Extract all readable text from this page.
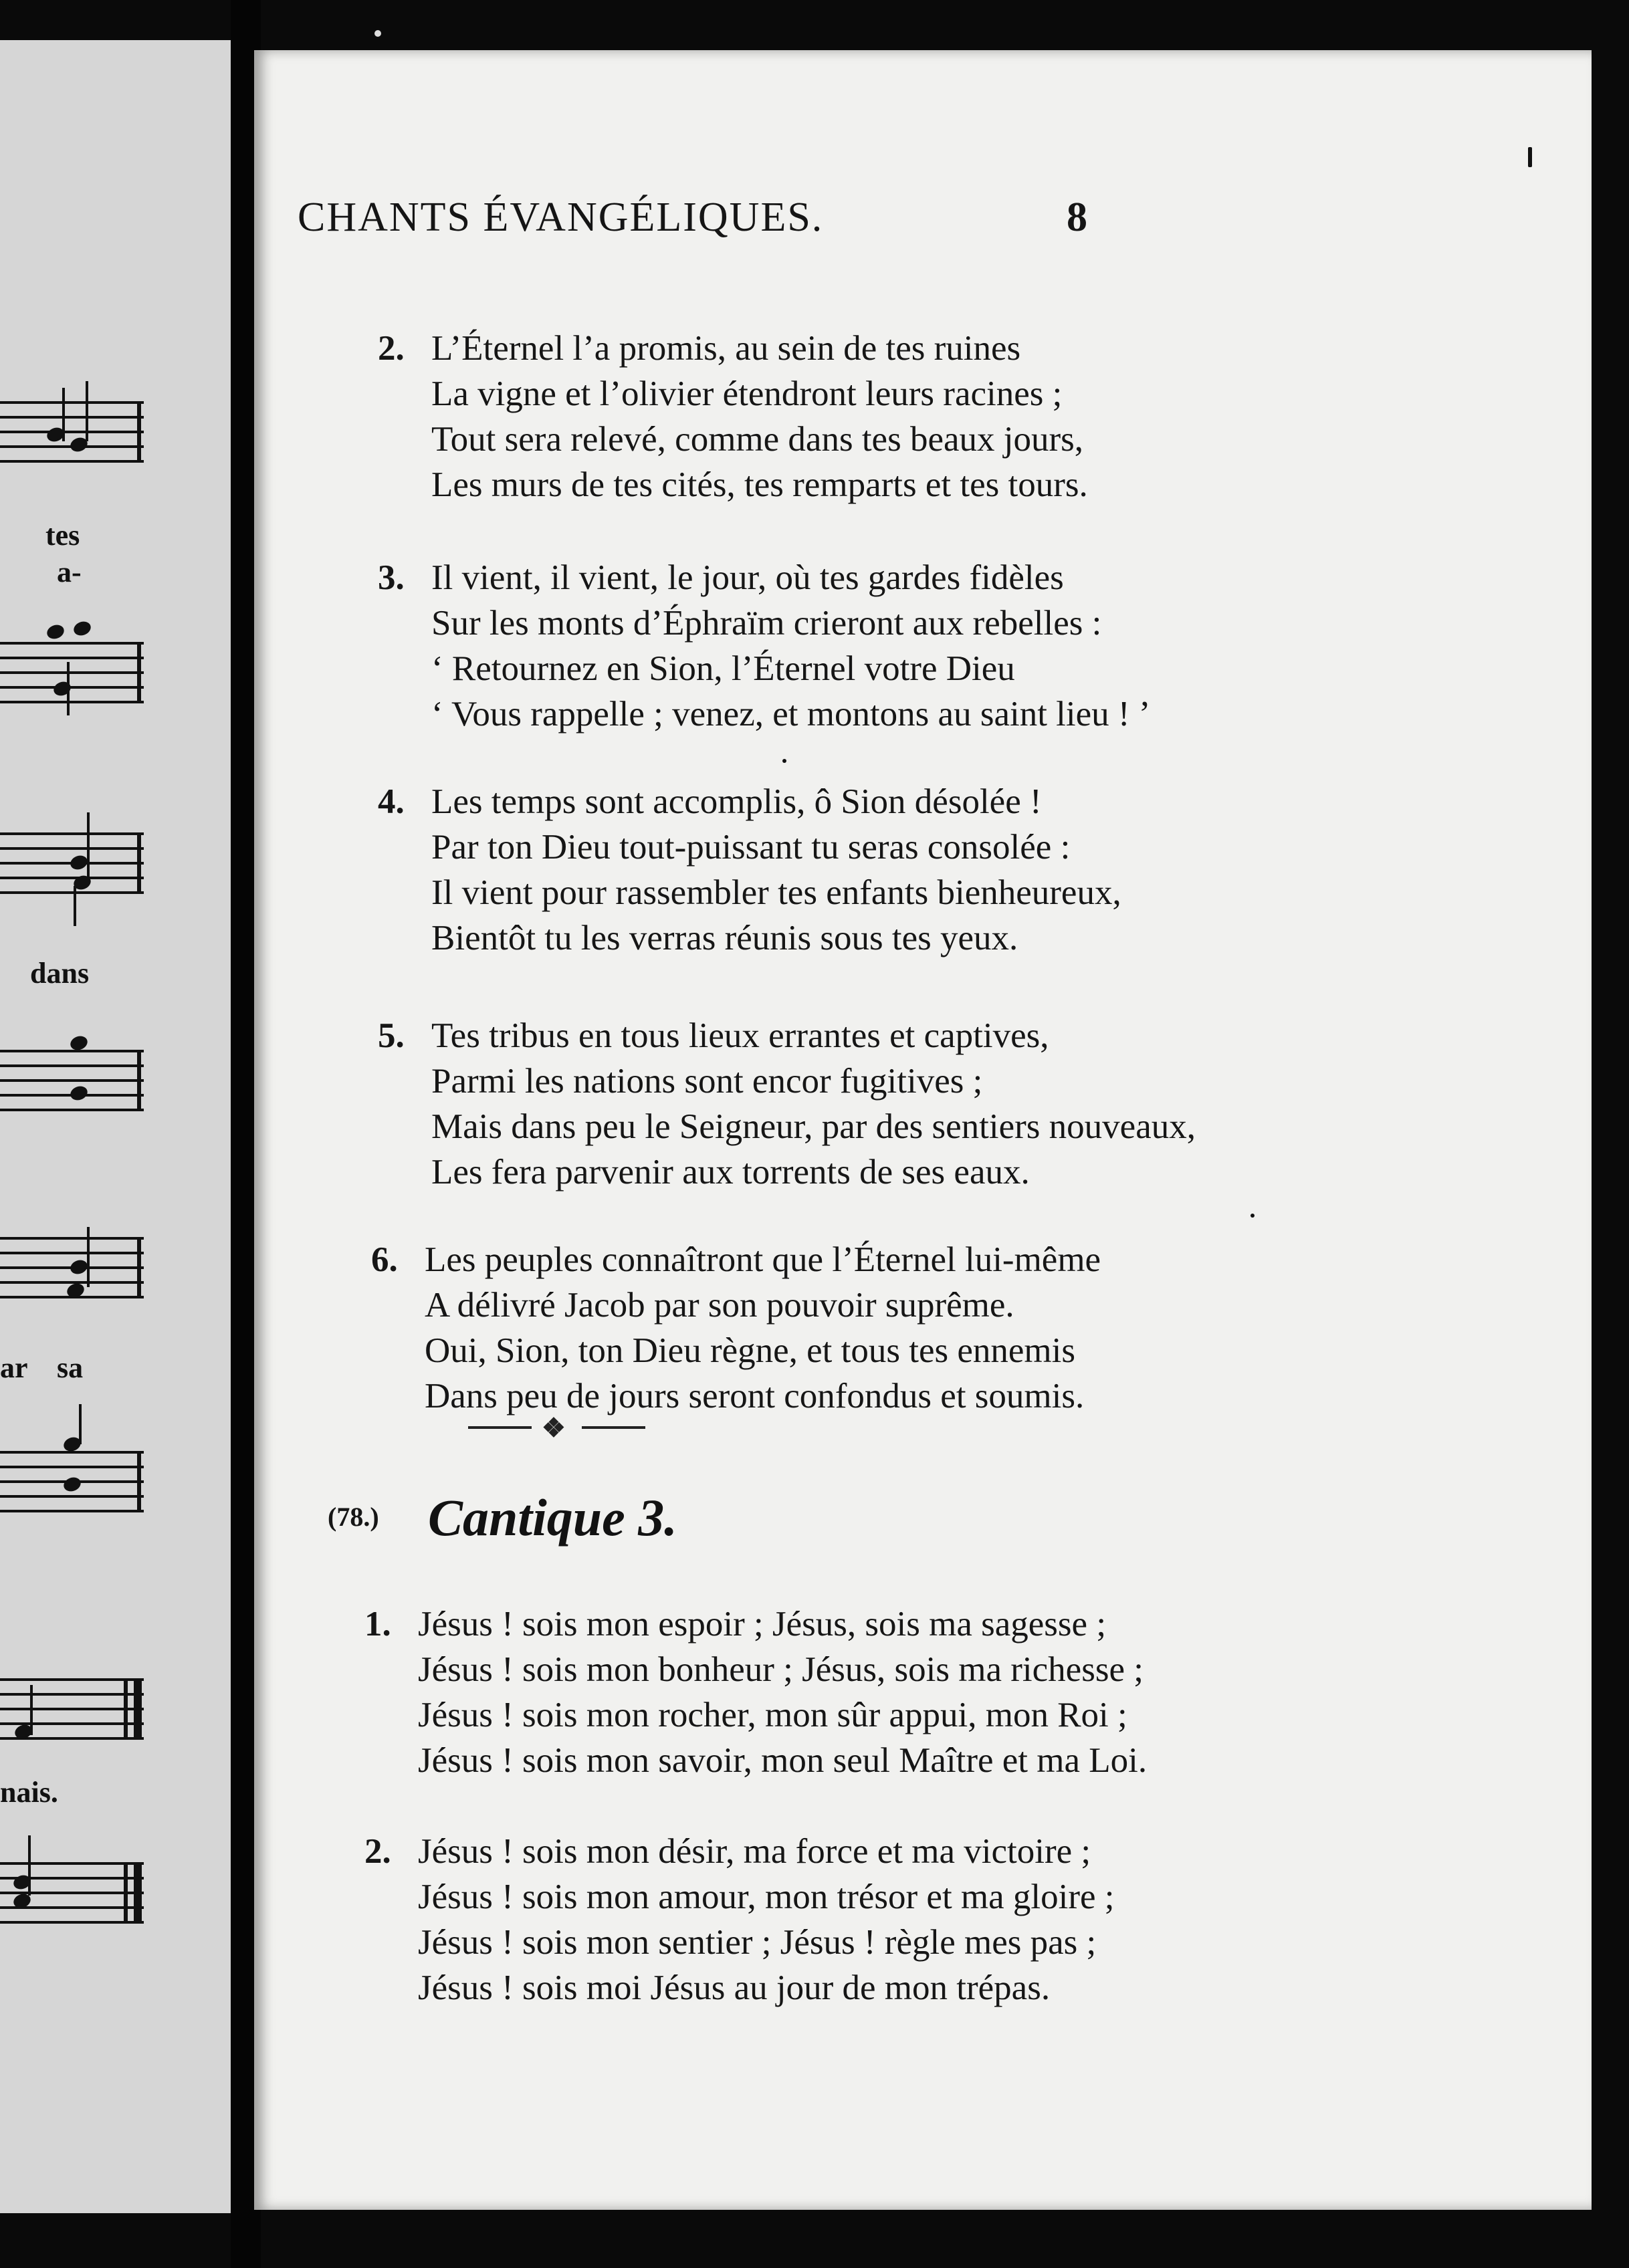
tes
a-
dans
ar sa
nais.
CHANTS ÉVANGÉLIQUES.	8
2. L’Éternel l’a promis, au sein de tes ruines
La vigne et l’olivier étendront leurs racines ;
Tout sera relevé, comme dans tes beaux jours,
Les murs de tes cités, tes remparts et tes tours.
3. Il vient, il vient, le jour, où tes gardes fidèles
Sur les monts d’Éphraïm crieront aux rebelles :
‘ Retournez en Sion, l’Éternel votre Dieu
‘ Vous rappelle ; venez, et montons au saint lieu ! ’
4. Les temps sont accomplis, ô Sion désolée !
Par ton Dieu tout-puissant tu seras consolée :
Il vient pour rassembler tes enfants bienheureux,
Bientôt tu les verras réunis sous tes yeux.
5. Tes tribus en tous lieux errantes et captives,
Parmi les nations sont encor fugitives ;
Mais dans peu le Seigneur, par des sentiers nouveaux,
Les fera parvenir aux torrents de ses eaux.
6. Les peuples connaîtront que l’Éternel lui-même
A délivré Jacob par son pouvoir suprême.
Oui, Sion, ton Dieu règne, et tous tes ennemis
Dans peu de jours seront confondus et soumis.
❖
(78.) Cantique 3.
1. Jésus ! sois mon espoir ; Jésus, sois ma sagesse ;
Jésus ! sois mon bonheur ; Jésus, sois ma richesse ;
Jésus ! sois mon rocher, mon sûr appui, mon Roi ;
Jésus ! sois mon savoir, mon seul Maître et ma Loi.
2. Jésus ! sois mon désir, ma force et ma victoire ;
Jésus ! sois mon amour, mon trésor et ma gloire ;
Jésus ! sois mon sentier ; Jésus ! règle mes pas ;
Jésus ! sois moi Jésus au jour de mon trépas.
